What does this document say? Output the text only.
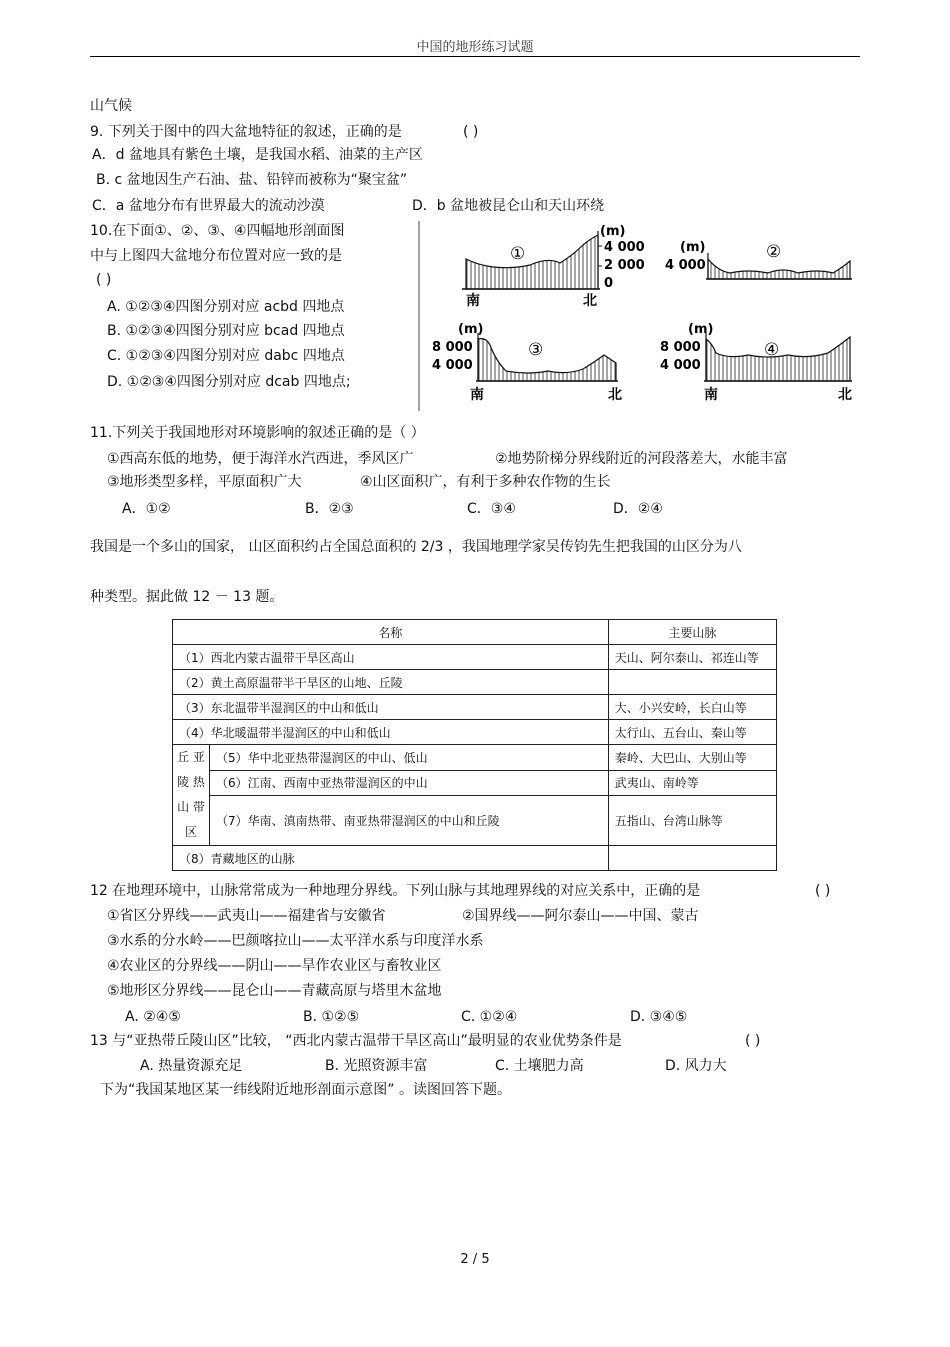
中国的地形练习试题
山气候
9. 下列关于图中的四大盆地特征的叙述，正确的是	( )
A．d 盆地具有紫色土壤，是我国水稻、油菜的主产区
B. c 盆地因生产石油、盐、铅锌而被称为“聚宝盆”
C．a 盆地分布有世界最大的流动沙漠	D．b 盆地被昆仑山和天山环绕
10.在下面①、②、③、④四幅地形剖面图
中与上图四大盆地分布位置对应一致的是
( )
A. ①②③④四图分别对应 acbd 四地点
B. ①②③④四图分别对应 bcad 四地点
C. ①②③④四图分别对应 dabc 四地点
D. ①②③④四图分别对应 dcab 四地点;
①
(m)
4 000
2 000
0
南	北
②
(m)
4 000
③
(m)
8 000
4 000
南	北
④
(m)
8 000
4 000
南	北
11.下列关于我国地形对环境影响的叙述正确的是（ ）
①西高东低的地势，便于海洋水汽西进，季风区广	②地势阶梯分界线附近的河段落差大，水能丰富
③地形类型多样，平原面积广大	④山区面积广，有利于多种农作物的生长
A．①②	B．②③	C．③④	D．②④
我国是一个多山的国家， 山区面积约占全国总面积的 2/3 ，我国地理学家吴传钧先生把我国的山区分为八
种类型。据此做 12 － 13 题。
名称		主要山脉
（1）西北内蒙古温带干旱区高山		天山、阿尔泰山、祁连山等
（2）黄土高原温带半干旱区的山地、丘陵		
（3）东北温带半湿润区的中山和低山		大、小兴安岭，长白山等
（4）华北暖温带半湿润区的中山和低山		太行山、五台山、秦山等

丘 亚
陵 热
山 带
区	（5）华中北亚热带湿润区的中山、低山	秦岭、大巴山、大别山等
	（6）江南、西南中亚热带湿润区的中山	武夷山、南岭等
	（7）华南、滇南热带、南亚热带湿润区的中山和丘陵	五指山、台湾山脉等
（8）青藏地区的山脉		
12 在地理环境中，山脉常常成为一种地理分界线。下列山脉与其地理界线的对应关系中，正确的是	( )
①省区分界线——武夷山——福建省与安徽省	②国界线——阿尔泰山——中国、蒙古
③水系的分水岭——巴颜喀拉山——太平洋水系与印度洋水系
④农业区的分界线——阴山——旱作农业区与畜牧业区
⑤地形区分界线——昆仑山——青藏高原与塔里木盆地
A. ②④⑤	B. ①②⑤	C. ①②④	D. ③④⑤
13 与“亚热带丘陵山区”比较， “西北内蒙古温带干旱区高山”最明显的农业优势条件是	( )
A. 热量资源充足	B. 光照资源丰富	C. 土壤肥力高	D. 风力大
下为“我国某地区某一纬线附近地形剖面示意图” 。读图回答下题。
2 / 5
